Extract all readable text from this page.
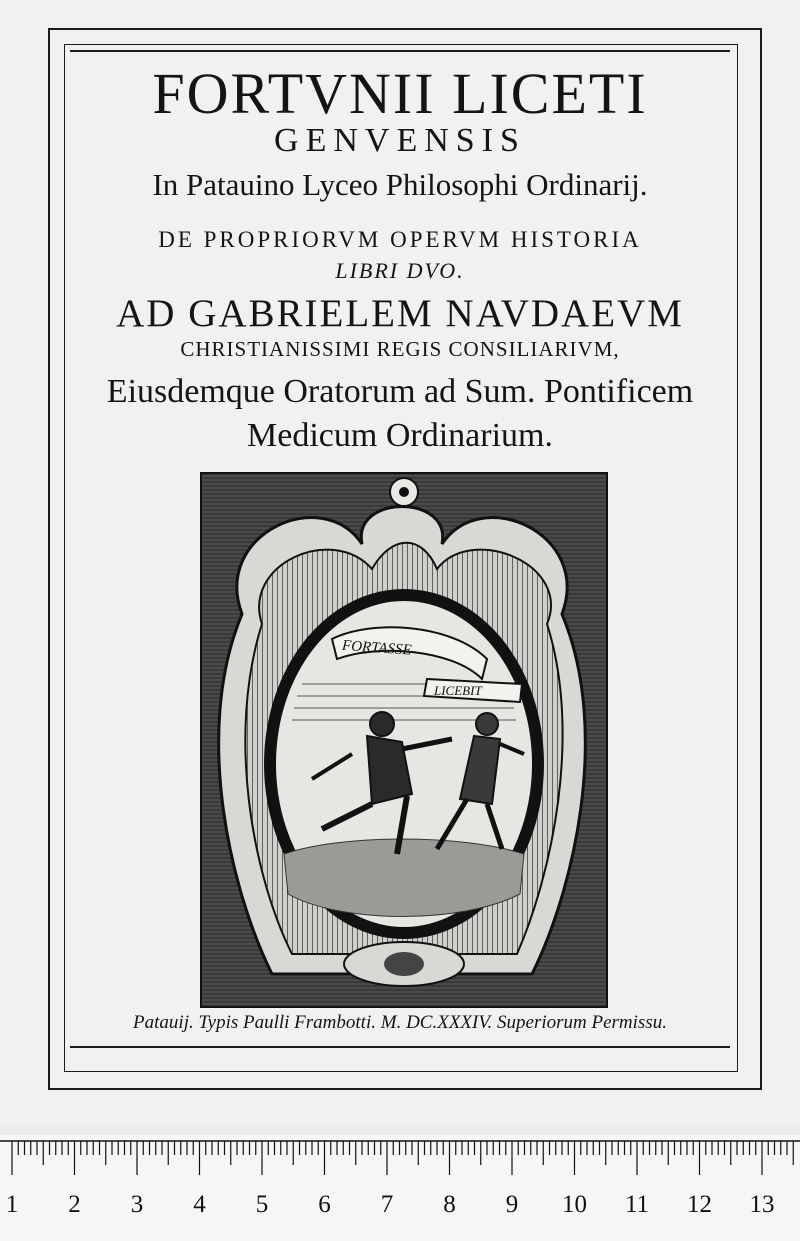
FORTVNII LICETI
GENVENSIS
In Patauino Lyceo Philosophi Ordinarij.
DE PROPRIORVM OPERVM HISTORIA
LIBRI DVO.
AD GABRIELEM NAVDAEVM
CHRISTIANISSIMI REGIS CONSILIARIVM,
Eiusdemque Oratorum ad Sum. Pontificem
Medicum Ordinarium.
FORTASSE
LICEBIT
Patauij. Typis Paulli Frambotti. M. DC.XXXIV. Superiorum Permissu.
1 2 3 4 5 6 7 8 9 10 11 12 13
